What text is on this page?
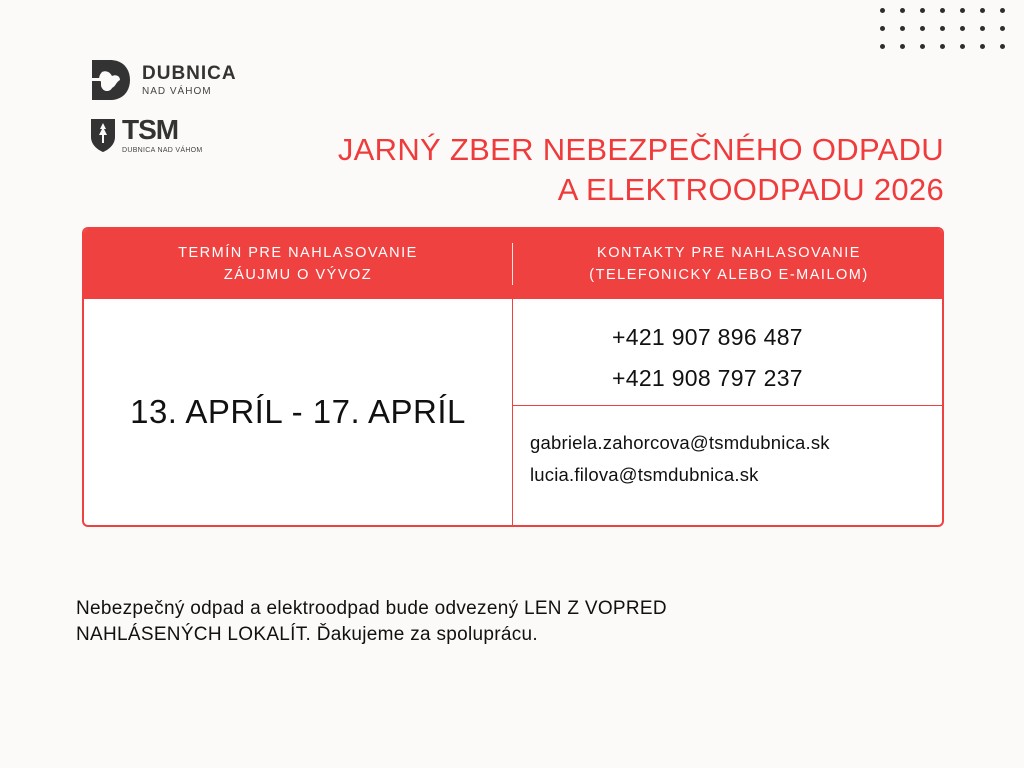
DUBNICA
NAD VÁHOM
TSM
DUBNICA NAD VÁHOM	JARNÝ ZBER NEBEZPEČNÉHO ODPADU
A ELEKTROODPADU 2026
TERMÍN PRE NAHLASOVANIE
ZÁUJMU O VÝVOZ
KONTAKTY PRE NAHLASOVANIE
(TELEFONICKY ALEBO E-MAILOM)
13. APRÍL - 17. APRÍL
+421 907 896 487
+421 908 797 237
gabriela.zahorcova@tsmdubnica.sk
lucia.filova@tsmdubnica.sk
Nebezpečný odpad a elektroodpad bude odvezený LEN Z VOPRED
NAHLÁSENÝCH LOKALÍT. Ďakujeme za spoluprácu.
